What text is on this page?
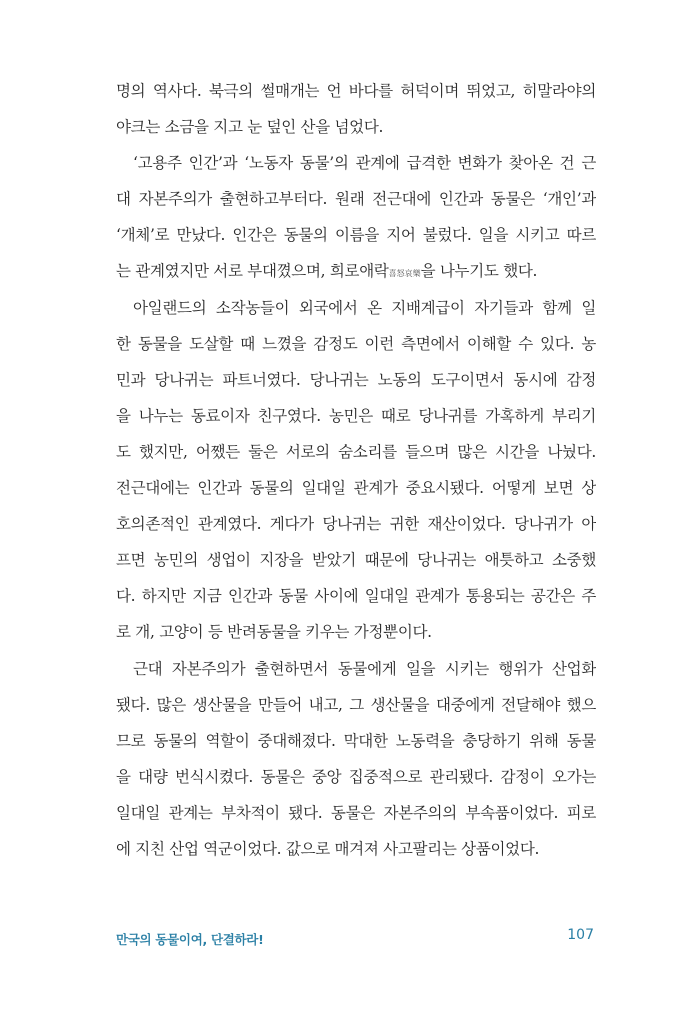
명의 역사다. 북극의 썰매개는 언 바다를 허덕이며 뛰었고, 히말라야의
야크는 소금을 지고 눈 덮인 산을 넘었다.
‘고용주 인간’과 ‘노동자 동물’의 관계에 급격한 변화가 찾아온 건 근
대 자본주의가 출현하고부터다. 원래 전근대에 인간과 동물은 ‘개인’과
‘개체’로 만났다. 인간은 동물의 이름을 지어 불렀다. 일을 시키고 따르
는 관계였지만 서로 부대꼈으며, 희로애락喜怒哀樂을 나누기도 했다.
아일랜드의 소작농들이 외국에서 온 지배계급이 자기들과 함께 일
한 동물을 도살할 때 느꼈을 감정도 이런 측면에서 이해할 수 있다. 농
민과 당나귀는 파트너였다. 당나귀는 노동의 도구이면서 동시에 감정
을 나누는 동료이자 친구였다. 농민은 때로 당나귀를 가혹하게 부리기
도 했지만, 어쨌든 둘은 서로의 숨소리를 들으며 많은 시간을 나눴다.
전근대에는 인간과 동물의 일대일 관계가 중요시됐다. 어떻게 보면 상
호의존적인 관계였다. 게다가 당나귀는 귀한 재산이었다. 당나귀가 아
프면 농민의 생업이 지장을 받았기 때문에 당나귀는 애틋하고 소중했
다. 하지만 지금 인간과 동물 사이에 일대일 관계가 통용되는 공간은 주
로 개, 고양이 등 반려동물을 키우는 가정뿐이다.
근대 자본주의가 출현하면서 동물에게 일을 시키는 행위가 산업화
됐다. 많은 생산물을 만들어 내고, 그 생산물을 대중에게 전달해야 했으
므로 동물의 역할이 중대해졌다. 막대한 노동력을 충당하기 위해 동물
을 대량 번식시켰다. 동물은 중앙 집중적으로 관리됐다. 감정이 오가는
일대일 관계는 부차적이 됐다. 동물은 자본주의의 부속품이었다. 피로
에 지친 산업 역군이었다. 값으로 매겨져 사고팔리는 상품이었다.
만국의 동물이여, 단결하라!	107
